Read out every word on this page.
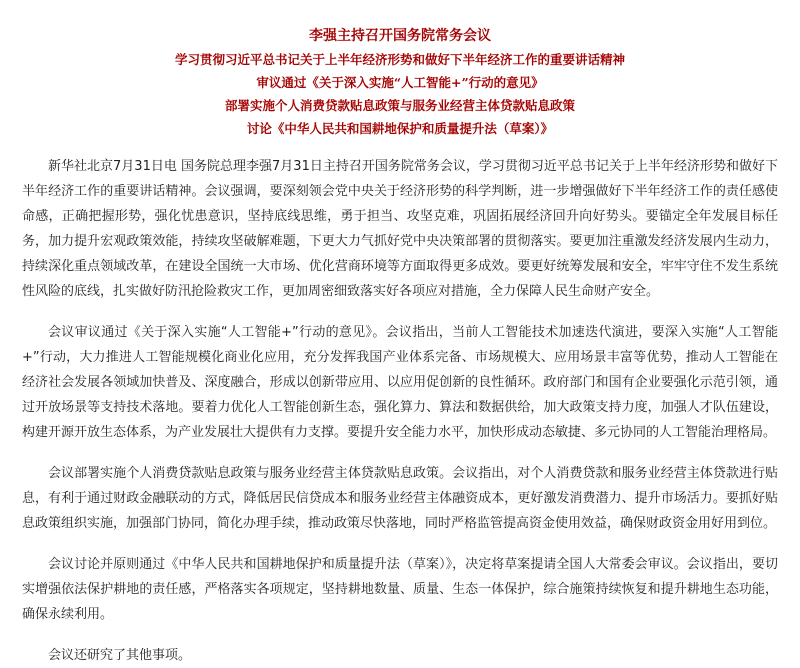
李强主持召开国务院常务会议
学习贯彻习近平总书记关于上半年经济形势和做好下半年经济工作的重要讲话精神
审议通过《关于深入实施“人工智能+”行动的意见》
部署实施个人消费贷款贴息政策与服务业经营主体贷款贴息政策
讨论《中华人民共和国耕地保护和质量提升法（草案）》

新华社北京7月31日电 国务院总理李强7月31日主持召开国务院常务会议，学习贯彻习近平总书记关于上半年经济形势和做好下半年经济工作的重要讲话精神。会议强调，要深刻领会党中央关于经济形势的科学判断，进一步增强做好下半年经济工作的责任感使命感，正确把握形势，强化忧患意识，坚持底线思维，勇于担当、攻坚克难，巩固拓展经济回升向好势头。要锚定全年发展目标任务，加力提升宏观政策效能，持续攻坚破解难题，下更大力气抓好党中央决策部署的贯彻落实。要更加注重激发经济发展内生动力，持续深化重点领域改革，在建设全国统一大市场、优化营商环境等方面取得更多成效。要更好统筹发展和安全，牢牢守住不发生系统性风险的底线，扎实做好防汛抢险救灾工作，更加周密细致落实好各项应对措施，全力保障人民生命财产安全。

会议审议通过《关于深入实施“人工智能+”行动的意见》。会议指出，当前人工智能技术加速迭代演进，要深入实施“人工智能+”行动，大力推进人工智能规模化商业化应用，充分发挥我国产业体系完备、市场规模大、应用场景丰富等优势，推动人工智能在经济社会发展各领域加快普及、深度融合，形成以创新带应用、以应用促创新的良性循环。政府部门和国有企业要强化示范引领，通过开放场景等支持技术落地。要着力优化人工智能创新生态，强化算力、算法和数据供给，加大政策支持力度，加强人才队伍建设，构建开源开放生态体系，为产业发展壮大提供有力支撑。要提升安全能力水平，加快形成动态敏捷、多元协同的人工智能治理格局。

会议部署实施个人消费贷款贴息政策与服务业经营主体贷款贴息政策。会议指出，对个人消费贷款和服务业经营主体贷款进行贴息，有利于通过财政金融联动的方式，降低居民信贷成本和服务业经营主体融资成本，更好激发消费潜力、提升市场活力。要抓好贴息政策组织实施，加强部门协同，简化办理手续，推动政策尽快落地，同时严格监管提高资金使用效益，确保财政资金用好用到位。

会议讨论并原则通过《中华人民共和国耕地保护和质量提升法（草案）》，决定将草案提请全国人大常委会审议。会议指出，要切实增强依法保护耕地的责任感，严格落实各项规定，坚持耕地数量、质量、生态一体保护，综合施策持续恢复和提升耕地生态功能，确保永续利用。

会议还研究了其他事项。
